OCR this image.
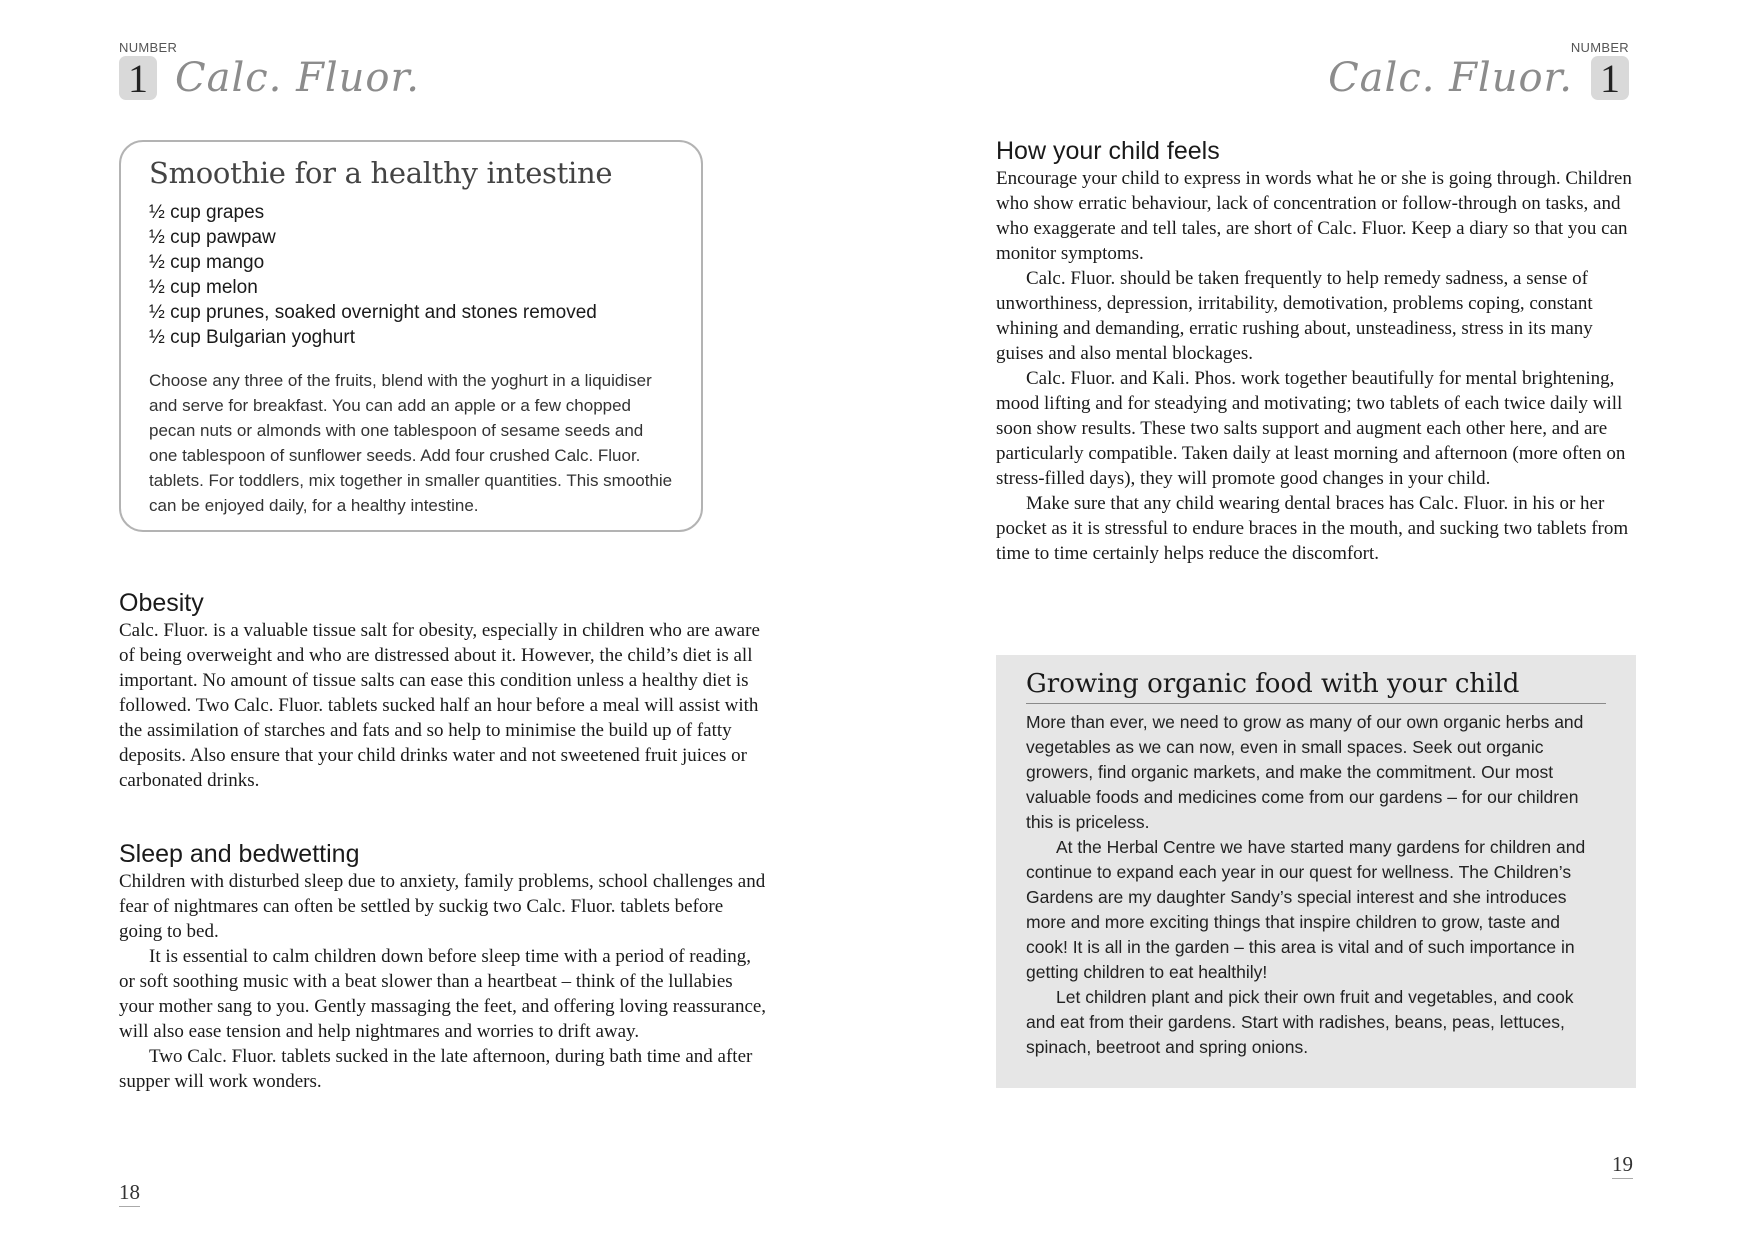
NUMBER
1 Calc. Fluor.
Smoothie for a healthy intestine
½ cup grapes
½ cup pawpaw
½ cup mango
½ cup melon
½ cup prunes, soaked overnight and stones removed
½ cup Bulgarian yoghurt

Choose any three of the fruits, blend with the yoghurt in a liquidiser and serve for breakfast. You can add an apple or a few chopped pecan nuts or almonds with one tablespoon of sesame seeds and one tablespoon of sunflower seeds. Add four crushed Calc. Fluor. tablets. For toddlers, mix together in smaller quantities. This smoothie can be enjoyed daily, for a healthy intestine.

Obesity

Calc. Fluor. is a valuable tissue salt for obesity, especially in children who are aware of being overweight and who are distressed about it. However, the child’s diet is all important. No amount of tissue salts can ease this condition unless a healthy diet is followed. Two Calc. Fluor. tablets sucked half an hour before a meal will assist with the assimilation of starches and fats and so help to minimise the build up of fatty deposits. Also ensure that your child drinks water and not sweetened fruit juices or carbonated drinks.

Sleep and bedwetting

Children with disturbed sleep due to anxiety, family problems, school challenges and fear of nightmares can often be settled by suckig two Calc. Fluor. tablets before going to bed.

It is essential to calm children down before sleep time with a period of reading, or soft soothing music with a beat slower than a heartbeat – think of the lullabies your mother sang to you. Gently massaging the feet, and offering loving reassurance, will also ease tension and help nightmares and worries to drift away.

Two Calc. Fluor. tablets sucked in the late afternoon, during bath time and after supper will work wonders.

18
NUMBER
Calc. Fluor. 1
How your child feels

Encourage your child to express in words what he or she is going through. Children who show erratic behaviour, lack of concentration or follow-through on tasks, and who exaggerate and tell tales, are short of Calc. Fluor. Keep a diary so that you can monitor symptoms.

Calc. Fluor. should be taken frequently to help remedy sadness, a sense of unworthiness, depression, irritability, demotivation, problems coping, constant whining and demanding, erratic rushing about, unsteadiness, stress in its many guises and also mental blockages.

Calc. Fluor. and Kali. Phos. work together beautifully for mental brightening, mood lifting and for steadying and motivating; two tablets of each twice daily will soon show results. These two salts support and augment each other here, and are particularly compatible. Taken daily at least morning and afternoon (more often on stress-filled days), they will promote good changes in your child.

Make sure that any child wearing dental braces has Calc. Fluor. in his or her pocket as it is stressful to endure braces in the mouth, and sucking two tablets from time to time certainly helps reduce the discomfort.

Growing organic food with your child

More than ever, we need to grow as many of our own organic herbs and vegetables as we can now, even in small spaces. Seek out organic growers, find organic markets, and make the commitment. Our most valuable foods and medicines come from our gardens – for our children this is priceless.

At the Herbal Centre we have started many gardens for children and continue to expand each year in our quest for wellness. The Children’s Gardens are my daughter Sandy’s special interest and she introduces more and more exciting things that inspire children to grow, taste and cook! It is all in the garden – this area is vital and of such importance in getting children to eat healthily!

Let children plant and pick their own fruit and vegetables, and cook and eat from their gardens. Start with radishes, beans, peas, lettuces, spinach, beetroot and spring onions.

19
